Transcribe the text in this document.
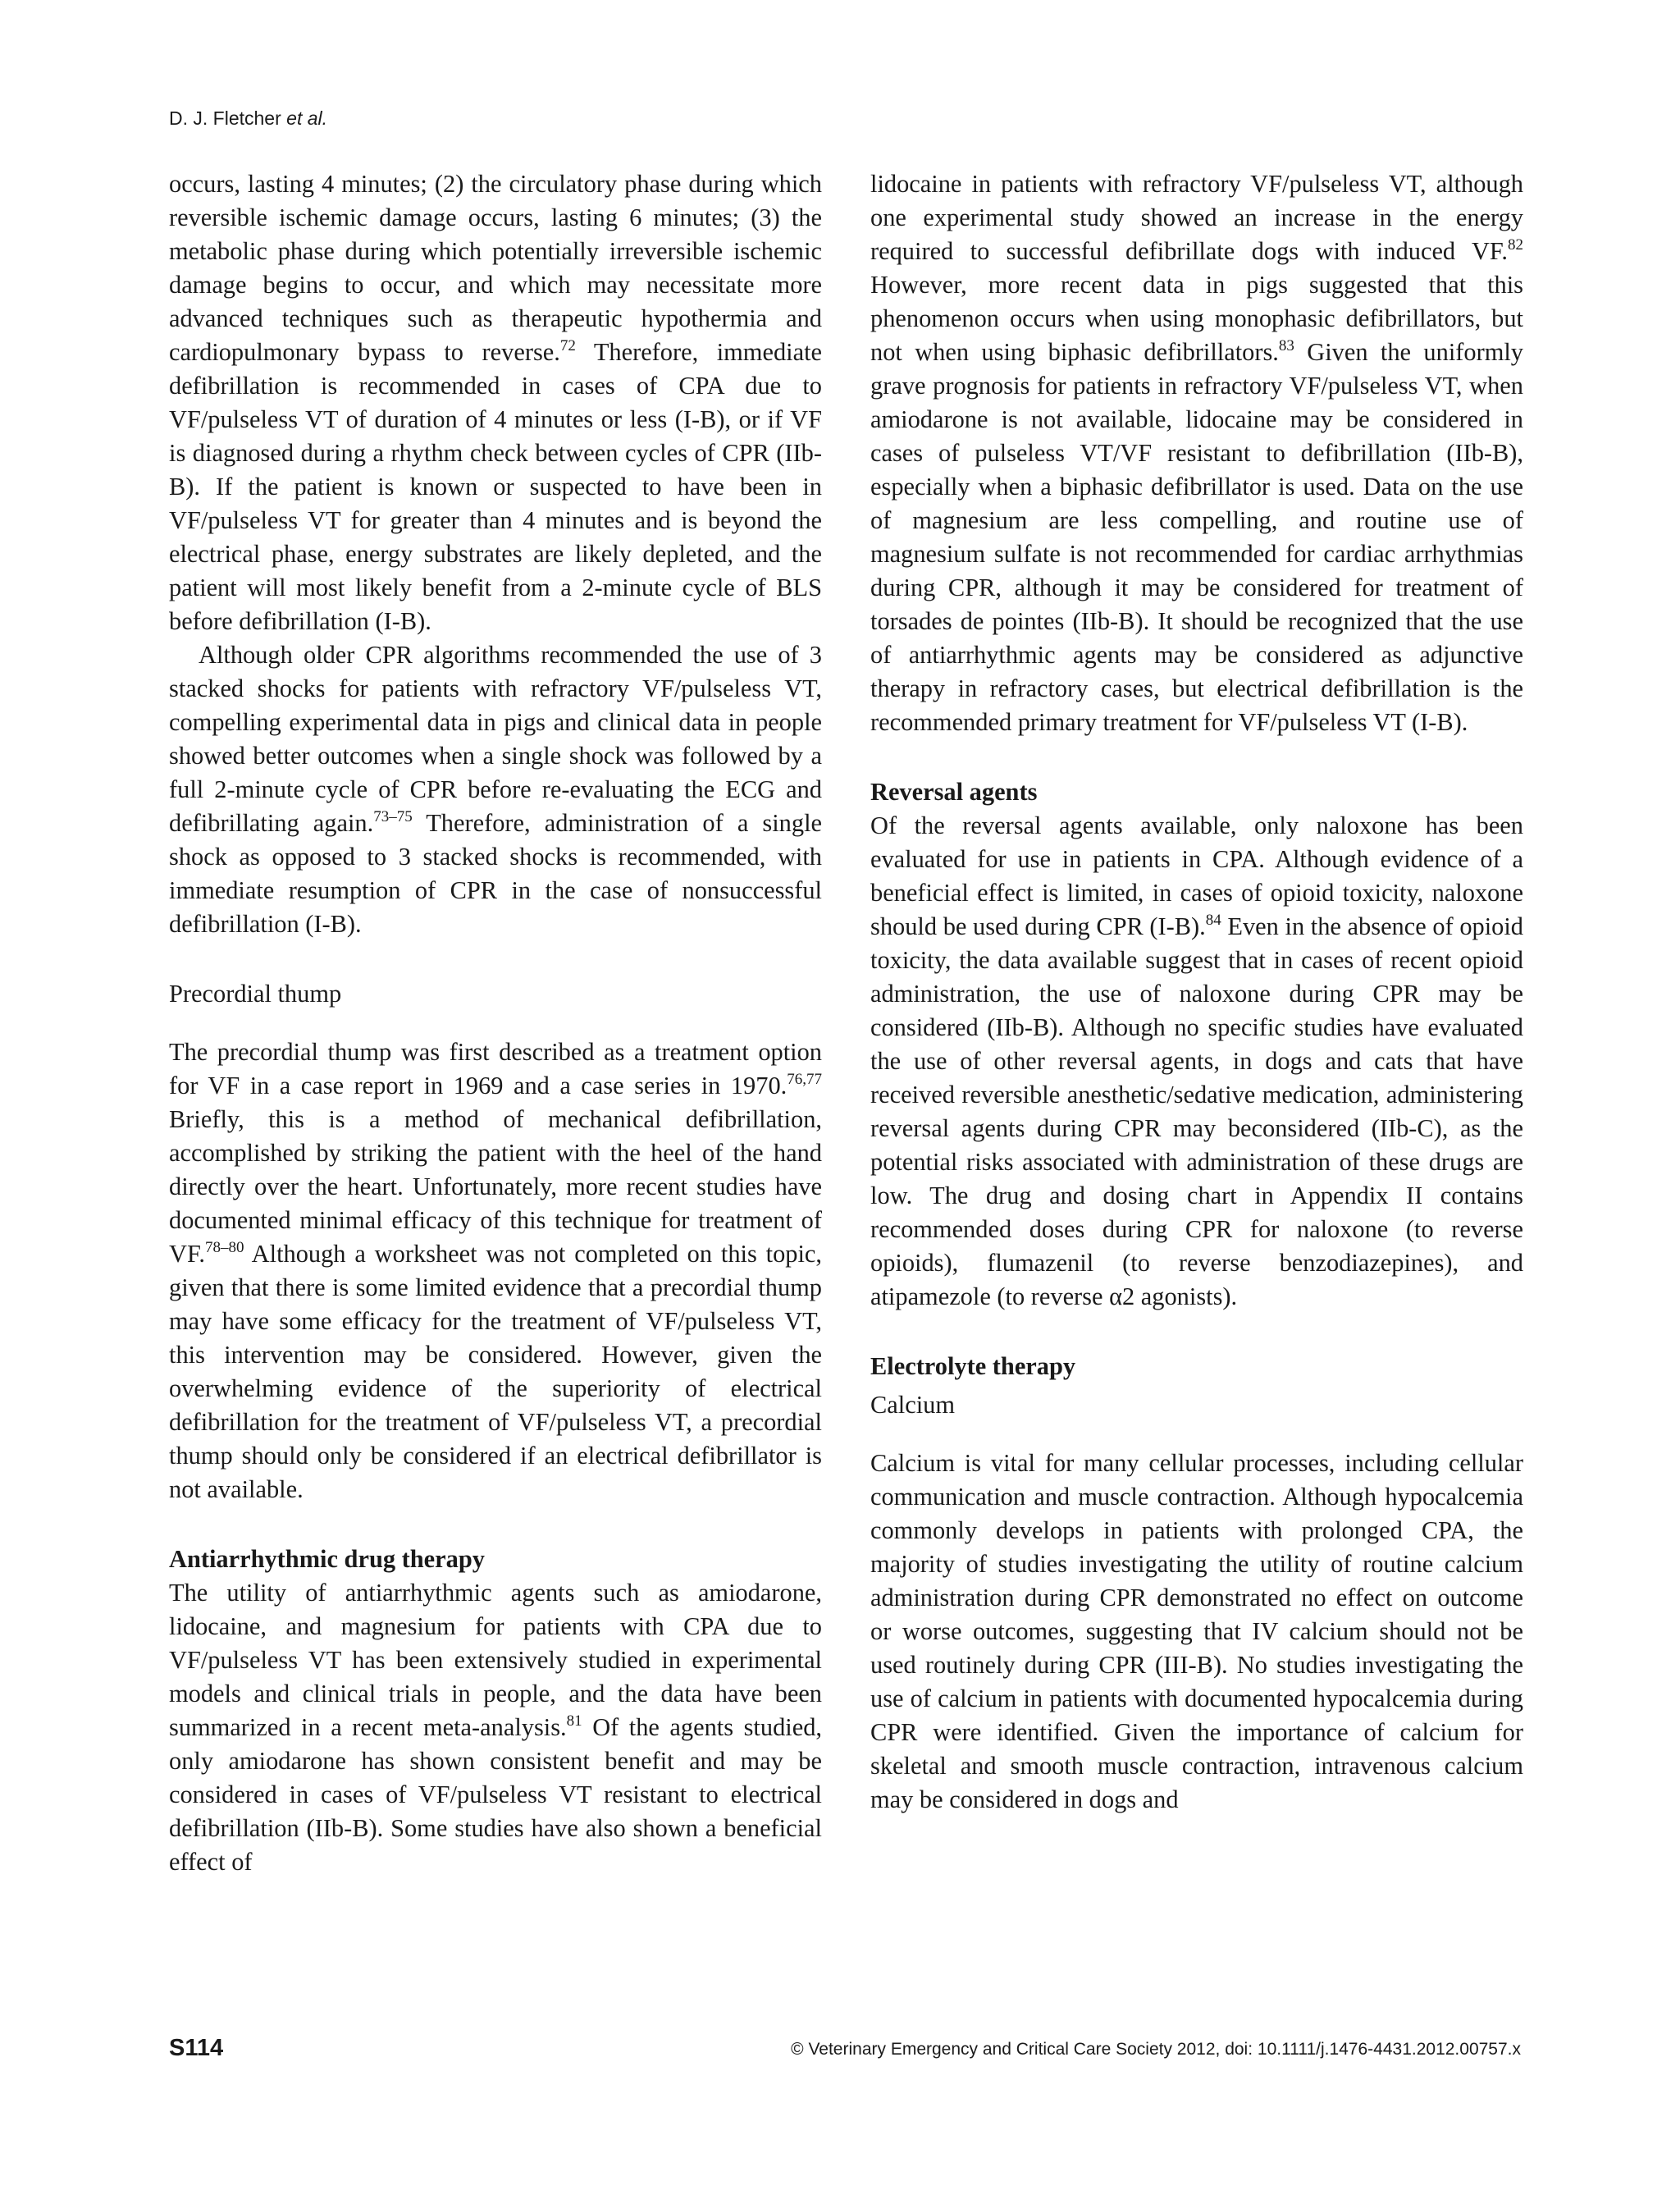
D. J. Fletcher et al.

occurs, lasting 4 minutes; (2) the circulatory phase during which reversible ischemic damage occurs, lasting 6 minutes; (3) the metabolic phase during which potentially irreversible ischemic damage begins to occur, and which may necessitate more advanced techniques such as therapeutic hypothermia and cardiopulmonary bypass to reverse.$^{72}$ Therefore, immediate defibrillation is recommended in cases of CPA due to VF/pulseless VT of duration of 4 minutes or less (I-B), or if VF is diagnosed during a rhythm check between cycles of CPR (IIb-B). If the patient is known or suspected to have been in VF/pulseless VT for greater than 4 minutes and is beyond the electrical phase, energy substrates are likely depleted, and the patient will most likely benefit from a 2-minute cycle of BLS before defibrillation (I-B).

Although older CPR algorithms recommended the use of 3 stacked shocks for patients with refractory VF/pulseless VT, compelling experimental data in pigs and clinical data in people showed better outcomes when a single shock was followed by a full 2-minute cycle of CPR before re-evaluating the ECG and defibrillating again.$^{73-75}$ Therefore, administration of a single shock as opposed to 3 stacked shocks is recommended, with immediate resumption of CPR in the case of nonsuccessful defibrillation (I-B).

Precordial thump

The precordial thump was first described as a treatment option for VF in a case report in 1969 and a case series in 1970.$^{76,77}$ Briefly, this is a method of mechanical defibrillation, accomplished by striking the patient with the heel of the hand directly over the heart. Unfortunately, more recent studies have documented minimal efficacy of this technique for treatment of VF.$^{78-80}$ Although a worksheet was not completed on this topic, given that there is some limited evidence that a precordial thump may have some efficacy for the treatment of VF/pulseless VT, this intervention may be considered. However, given the overwhelming evidence of the superiority of electrical defibrillation for the treatment of VF/pulseless VT, a precordial thump should only be considered if an electrical defibrillator is not available.

Antiarrhythmic drug therapy

The utility of antiarrhythmic agents such as amiodarone, lidocaine, and magnesium for patients with CPA due to VF/pulseless VT has been extensively studied in experimental models and clinical trials in people, and the data have been summarized in a recent meta-analysis.$^{81}$ Of the agents studied, only amiodarone has shown consistent benefit and may be considered in cases of VF/pulseless VT resistant to electrical defibrillation (IIb-B). Some studies have also shown a beneficial effect of

lidocaine in patients with refractory VF/pulseless VT, although one experimental study showed an increase in the energy required to successful defibrillate dogs with induced VF.$^{82}$ However, more recent data in pigs suggested that this phenomenon occurs when using monophasic defibrillators, but not when using biphasic defibrillators.$^{83}$ Given the uniformly grave prognosis for patients in refractory VF/pulseless VT, when amiodarone is not available, lidocaine may be considered in cases of pulseless VT/VF resistant to defibrillation (IIb-B), especially when a biphasic defibrillator is used. Data on the use of magnesium are less compelling, and routine use of magnesium sulfate is not recommended for cardiac arrhythmias during CPR, although it may be considered for treatment of torsades de pointes (IIb-B). It should be recognized that the use of antiarrhythmic agents may be considered as adjunctive therapy in refractory cases, but electrical defibrillation is the recommended primary treatment for VF/pulseless VT (I-B).

Reversal agents

Of the reversal agents available, only naloxone has been evaluated for use in patients in CPA. Although evidence of a beneficial effect is limited, in cases of opioid toxicity, naloxone should be used during CPR (I-B).$^{84}$ Even in the absence of opioid toxicity, the data available suggest that in cases of recent opioid administration, the use of naloxone during CPR may be considered (IIb-B). Although no specific studies have evaluated the use of other reversal agents, in dogs and cats that have received reversible anesthetic/sedative medication, administering reversal agents during CPR may beconsidered (IIb-C), as the potential risks associated with administration of these drugs are low. The drug and dosing chart in Appendix II contains recommended doses during CPR for naloxone (to reverse opioids), flumazenil (to reverse benzodiazepines), and atipamezole (to reverse α2 agonists).

Electrolyte therapy

Calcium

Calcium is vital for many cellular processes, including cellular communication and muscle contraction. Although hypocalcemia commonly develops in patients with prolonged CPA, the majority of studies investigating the utility of routine calcium administration during CPR demonstrated no effect on outcome or worse outcomes, suggesting that IV calcium should not be used routinely during CPR (III-B). No studies investigating the use of calcium in patients with documented hypocalcemia during CPR were identified. Given the importance of calcium for skeletal and smooth muscle contraction, intravenous calcium may be considered in dogs and

S114	© Veterinary Emergency and Critical Care Society 2012, doi: 10.1111/j.1476-4431.2012.00757.x
